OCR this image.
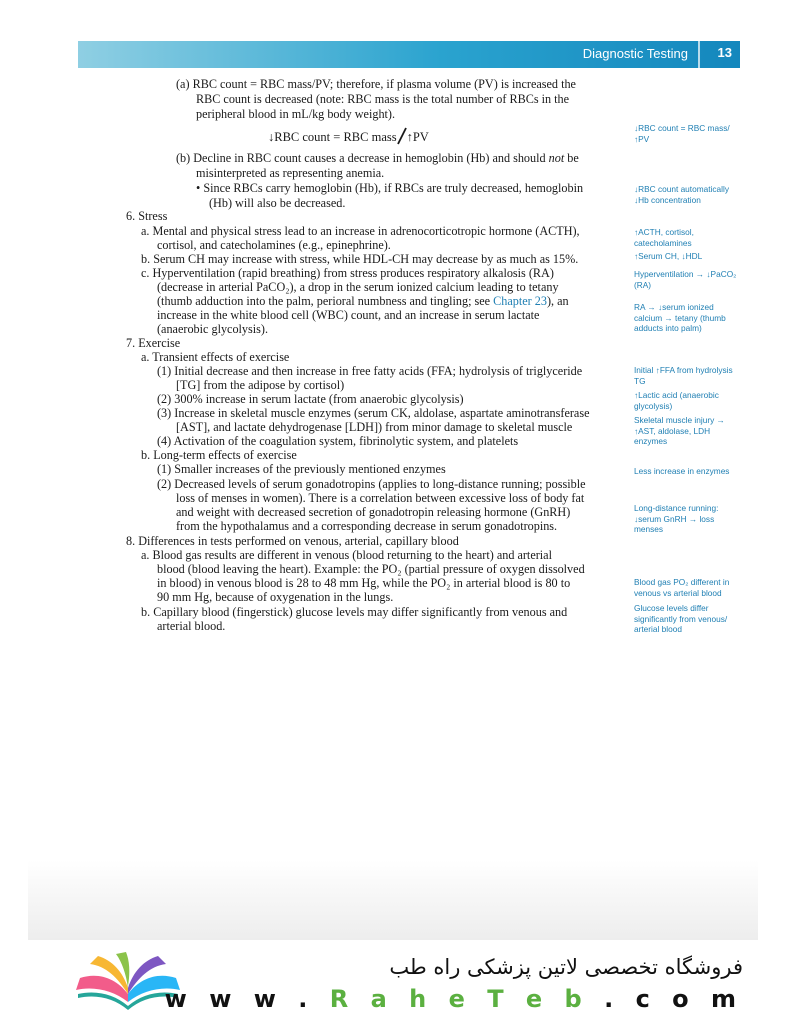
Diagnostic Testing 13
(a) RBC count = RBC mass/PV; therefore, if plasma volume (PV) is increased the
RBC count is decreased (note: RBC mass is the total number of RBCs in the
peripheral blood in mL/kg body weight).
↓RBC count = RBC mass ↑PV
(b) Decline in RBC count causes a decrease in hemoglobin (Hb) and should not be
misinterpreted as representing anemia.
• Since RBCs carry hemoglobin (Hb), if RBCs are truly decreased, hemoglobin
(Hb) will also be decreased.
6. Stress
a. Mental and physical stress lead to an increase in adrenocorticotropic hormone (ACTH),
cortisol, and catecholamines (e.g., epinephrine).
b. Serum CH may increase with stress, while HDL-CH may decrease by as much as 15%.
c. Hyperventilation (rapid breathing) from stress produces respiratory alkalosis (RA)
(decrease in arterial PaCO₂), a drop in the serum ionized calcium leading to tetany
(thumb adduction into the palm, perioral numbness and tingling; see Chapter 23), an
increase in the white blood cell (WBC) count, and an increase in serum lactate
(anaerobic glycolysis).
7. Exercise
a. Transient effects of exercise
(1) Initial decrease and then increase in free fatty acids (FFA; hydrolysis of triglyceride
[TG] from the adipose by cortisol)
(2) 300% increase in serum lactate (from anaerobic glycolysis)
(3) Increase in skeletal muscle enzymes (serum CK, aldolase, aspartate aminotransferase
[AST], and lactate dehydrogenase [LDH]) from minor damage to skeletal muscle
(4) Activation of the coagulation system, fibrinolytic system, and platelets
b. Long-term effects of exercise
(1) Smaller increases of the previously mentioned enzymes
(2) Decreased levels of serum gonadotropins (applies to long-distance running; possible
loss of menses in women). There is a correlation between excessive loss of body fat
and weight with decreased secretion of gonadotropin releasing hormone (GnRH)
from the hypothalamus and a corresponding decrease in serum gonadotropins.
8. Differences in tests performed on venous, arterial, capillary blood
a. Blood gas results are different in venous (blood returning to the heart) and arterial
blood (blood leaving the heart). Example: the PO₂ (partial pressure of oxygen dissolved
in blood) in venous blood is 28 to 48 mm Hg, while the PO₂ in arterial blood is 80 to
90 mm Hg, because of oxygenation in the lungs.
b. Capillary blood (fingerstick) glucose levels may differ significantly from venous and
arterial blood.
↓RBC count = RBC mass/↑PV
↓RBC count automatically ↓Hb concentration
↑ACTH, cortisol, catecholamines
↑Serum CH, ↓HDL
Hyperventilation → ↓PaCO₂ (RA)
RA → ↓serum ionized calcium → tetany (thumb adducts into palm)
Initial ↑FFA from hydrolysis TG
↑Lactic acid (anaerobic glycolysis)
Skeletal muscle injury → ↑AST, aldolase, LDH enzymes
Less increase in enzymes
Long-distance running: ↓serum GnRH → loss menses
Blood gas PO₂ different in venous vs arterial blood
Glucose levels differ significantly from venous/ arterial blood
فروشگاه تخصصی لاتین پزشکی راه طب
w w w . R a h e T e b . c o m
